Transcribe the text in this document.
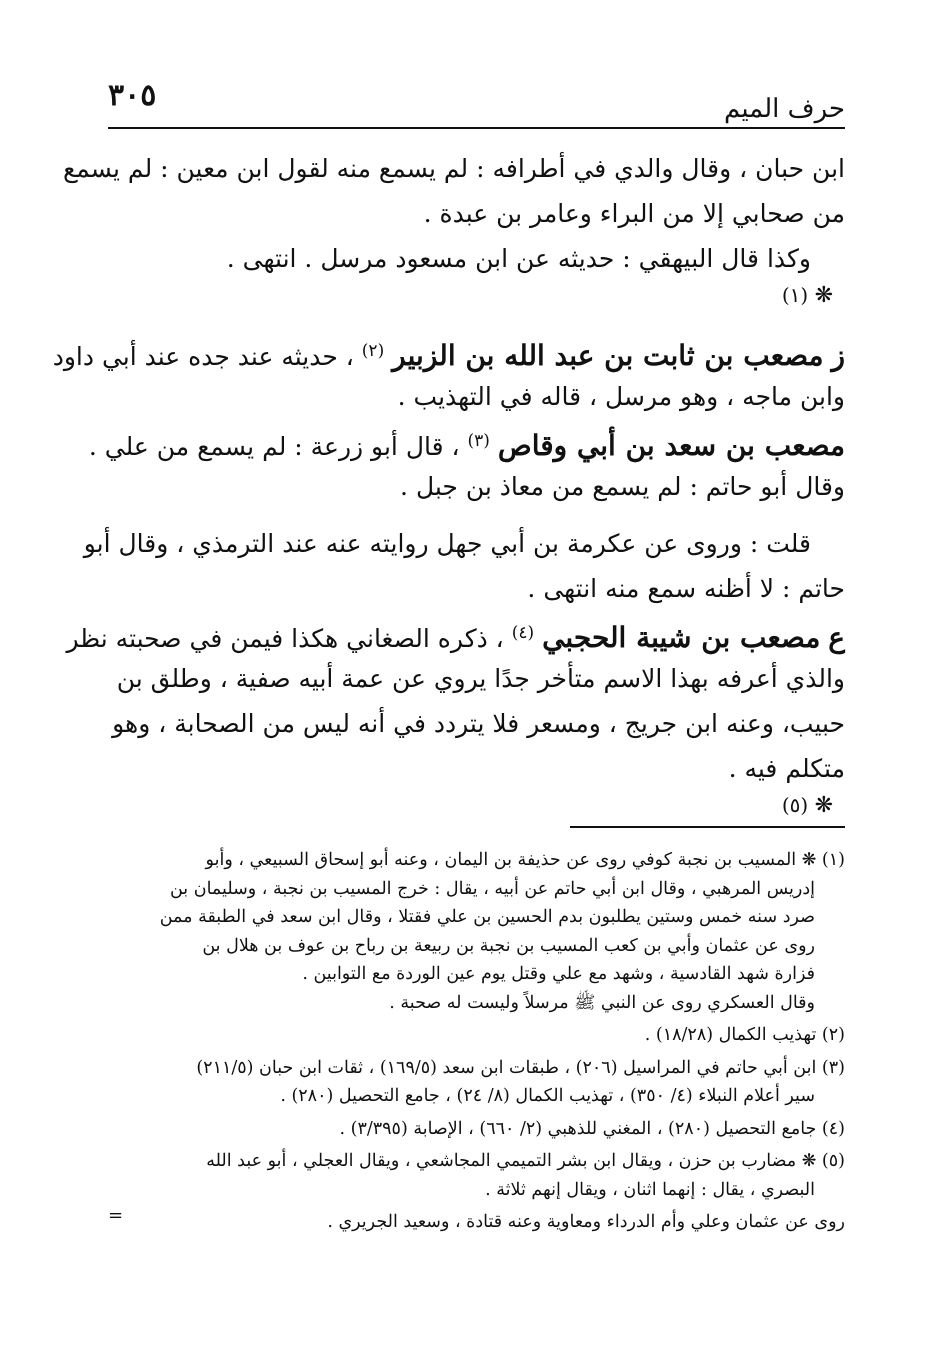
٣٠٥	حرف الميم
ابن حبان ، وقال والدي في أطرافه : لم يسمع منه لقول ابن معين : لم يسمع
من صحابي إلا من البراء وعامر بن عبدة .
وكذا قال البيهقي : حديثه عن ابن مسعود مرسل . انتهى .
❋ (١)
ز مصعب بن ثابت بن عبد الله بن الزبير $^{(٢)}$ ، حديثه عند جده عند أبي داود
وابن ماجه ، وهو مرسل ، قاله في التهذيب .
مصعب بن سعد بن أبي وقاص $^{(٣)}$ ، قال أبو زرعة : لم يسمع من علي .
وقال أبو حاتم : لم يسمع من معاذ بن جبل .
قلت : وروى عن عكرمة بن أبي جهل روايته عنه عند الترمذي ، وقال أبو
حاتم : لا أظنه سمع منه انتهى .
ع مصعب بن شيبة الحجبي $^{(٤)}$ ، ذكره الصغاني هكذا فيمن في صحبته نظر
والذي أعرفه بهذا الاسم متأخر جدًا يروي عن عمة أبيه صفية ، وطلق بن
حبيب، وعنه ابن جريج ، ومسعر فلا يتردد في أنه ليس من الصحابة ، وهو
متكلم فيه .
❋ (٥)
(١) ❋ المسيب بن نجبة كوفي روى عن حذيفة بن اليمان ، وعنه أبو إسحاق السبيعي ، وأبو
إدريس المرهبي ، وقال ابن أبي حاتم عن أبيه ، يقال : خرج المسيب بن نجبة ، وسليمان بن
صرد سنه خمس وستين يطلبون بدم الحسين بن علي فقتلا ، وقال ابن سعد في الطبقة ممن
روى عن عثمان وأبي بن كعب المسيب بن نجبة بن ربيعة بن رباح بن عوف بن هلال بن
فزارة شهد القادسية ، وشهد مع علي وقتل يوم عين الوردة مع التوابين .
وقال العسكري روى عن النبي ﷺ مرسلاً وليست له صحبة .
(٢) تهذيب الكمال (١٨/٢٨) .
(٣) ابن أبي حاتم في المراسيل (٢٠٦) ، طبقات ابن سعد (١٦٩/٥) ، ثقات ابن حبان (٢١١/٥)
سير أعلام النبلاء (٤/ ٣٥٠) ، تهذيب الكمال (٨/ ٢٤) ، جامع التحصيل (٢٨٠) .
(٤) جامع التحصيل (٢٨٠) ، المغني للذهبي (٢/ ٦٦٠) ، الإصابة (٣/٣٩٥) .
(٥) ❋ مضارب بن حزن ، ويقال ابن بشر التميمي المجاشعي ، ويقال العجلي ، أبو عبد الله
البصري ، يقال : إنهما اثنان ، ويقال إنهم ثلاثة .
روى عن عثمان وعلي وأم الدرداء ومعاوية وعنه قتادة ، وسعيد الجريري .
=
